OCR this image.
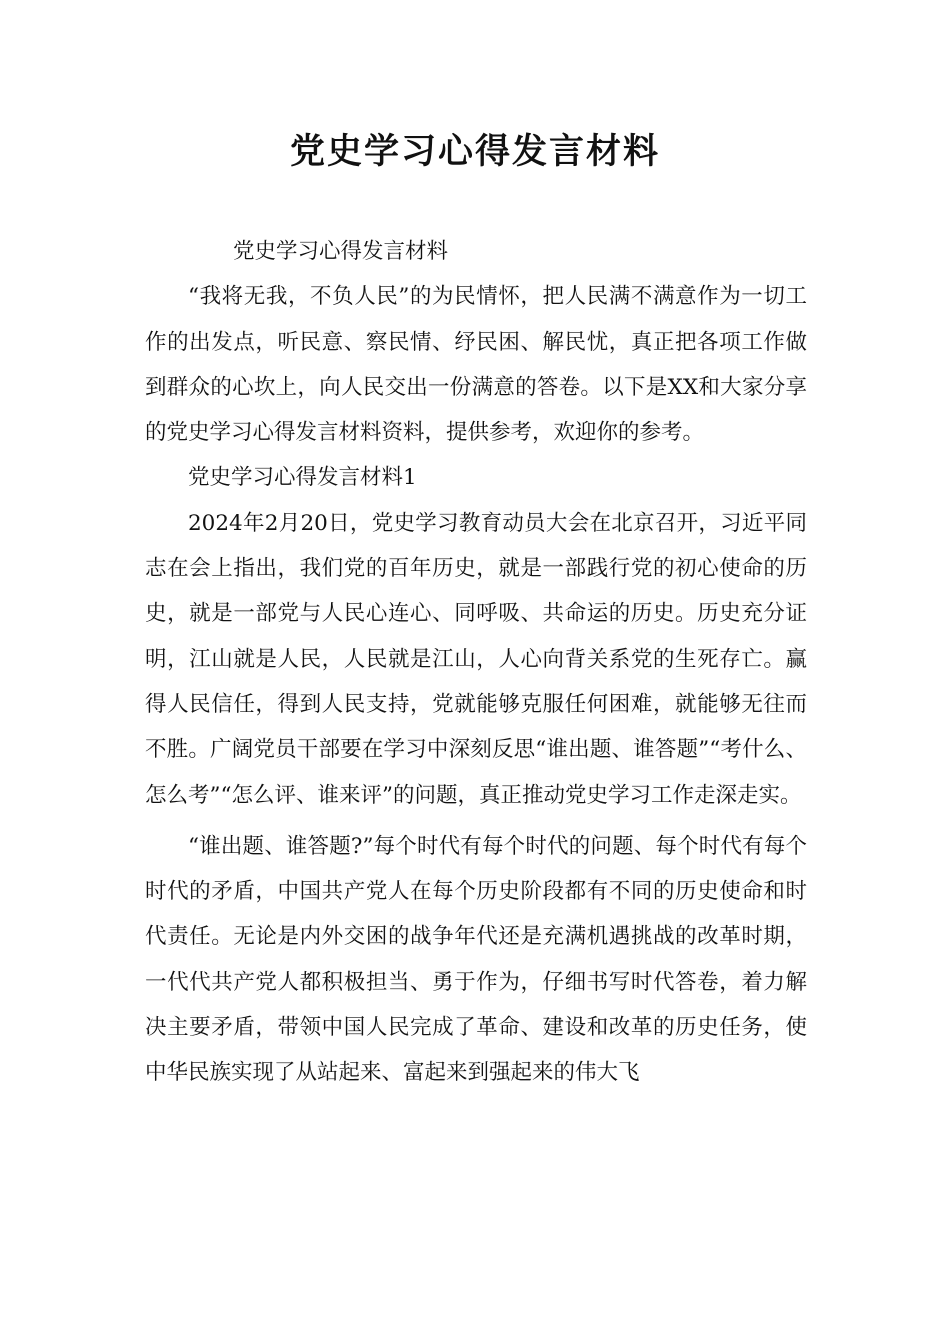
党史学习心得发言材料

党史学习心得发言材料

“我将无我，不负人民”的为民情怀，把人民满不满意作为一切工作的出发点，听民意、察民情、纾民困、解民忧，真正把各项工作做到群众的心坎上，向人民交出一份满意的答卷。以下是XX和大家分享的党史学习心得发言材料资料，提供参考，欢迎你的参考。

党史学习心得发言材料1

2024年2月20日，党史学习教育动员大会在北京召开，习近平同志在会上指出，我们党的百年历史，就是一部践行党的初心使命的历史，就是一部党与人民心连心、同呼吸、共命运的历史。历史充分证明，江山就是人民，人民就是江山，人心向背关系党的生死存亡。赢得人民信任，得到人民支持，党就能够克服任何困难，就能够无往而不胜。广阔党员干部要在学习中深刻反思“谁出题、谁答题”“考什么、怎么考”“怎么评、谁来评”的问题，真正推动党史学习工作走深走实。

“谁出题、谁答题?”每个时代有每个时代的问题、每个时代有每个时代的矛盾，中国共产党人在每个历史阶段都有不同的历史使命和时代责任。无论是内外交困的战争年代还是充满机遇挑战的改革时期，一代代共产党人都积极担当、勇于作为，仔细书写时代答卷，着力解决主要矛盾，带领中国人民完成了革命、建设和改革的历史任务，使中华民族实现了从站起来、富起来到强起来的伟大飞
